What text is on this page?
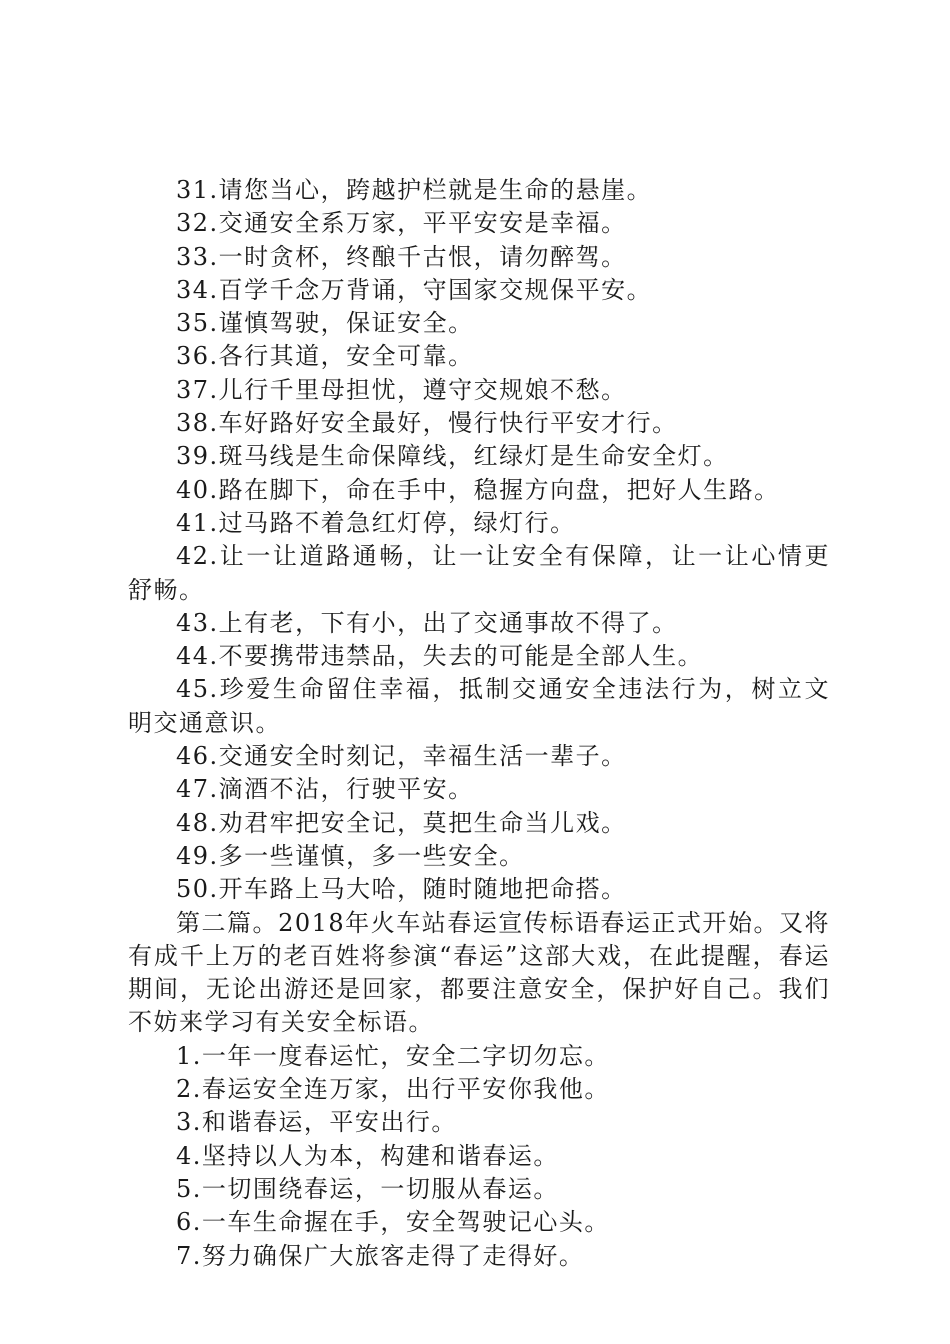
31.请您当心，跨越护栏就是生命的悬崖。

32.交通安全系万家，平平安安是幸福。

33.一时贪杯，终酿千古恨，请勿醉驾。

34.百学千念万背诵，守国家交规保平安。

35.谨慎驾驶，保证安全。

36.各行其道，安全可靠。

37.儿行千里母担忧，遵守交规娘不愁。

38.车好路好安全最好，慢行快行平安才行。

39.斑马线是生命保障线，红绿灯是生命安全灯。

40.路在脚下，命在手中，稳握方向盘，把好人生路。

41.过马路不着急红灯停，绿灯行。

42.让一让道路通畅，让一让安全有保障，让一让心情更舒畅。

43.上有老，下有小，出了交通事故不得了。

44.不要携带违禁品，失去的可能是全部人生。

45.珍爱生命留住幸福，抵制交通安全违法行为，树立文明交通意识。

46.交通安全时刻记，幸福生活一辈子。

47.滴酒不沾，行驶平安。

48.劝君牢把安全记，莫把生命当儿戏。

49.多一些谨慎，多一些安全。

50.开车路上马大哈，随时随地把命搭。

第二篇。2018年火车站春运宣传标语春运正式开始。又将有成千上万的老百姓将参演“春运”这部大戏，在此提醒，春运期间，无论出游还是回家，都要注意安全，保护好自己。我们不妨来学习有关安全标语。

1.一年一度春运忙，安全二字切勿忘。

2.春运安全连万家，出行平安你我他。

3.和谐春运，平安出行。

4.坚持以人为本，构建和谐春运。

5.一切围绕春运，一切服从春运。

6.一车生命握在手，安全驾驶记心头。

7.努力确保广大旅客走得了走得好。
